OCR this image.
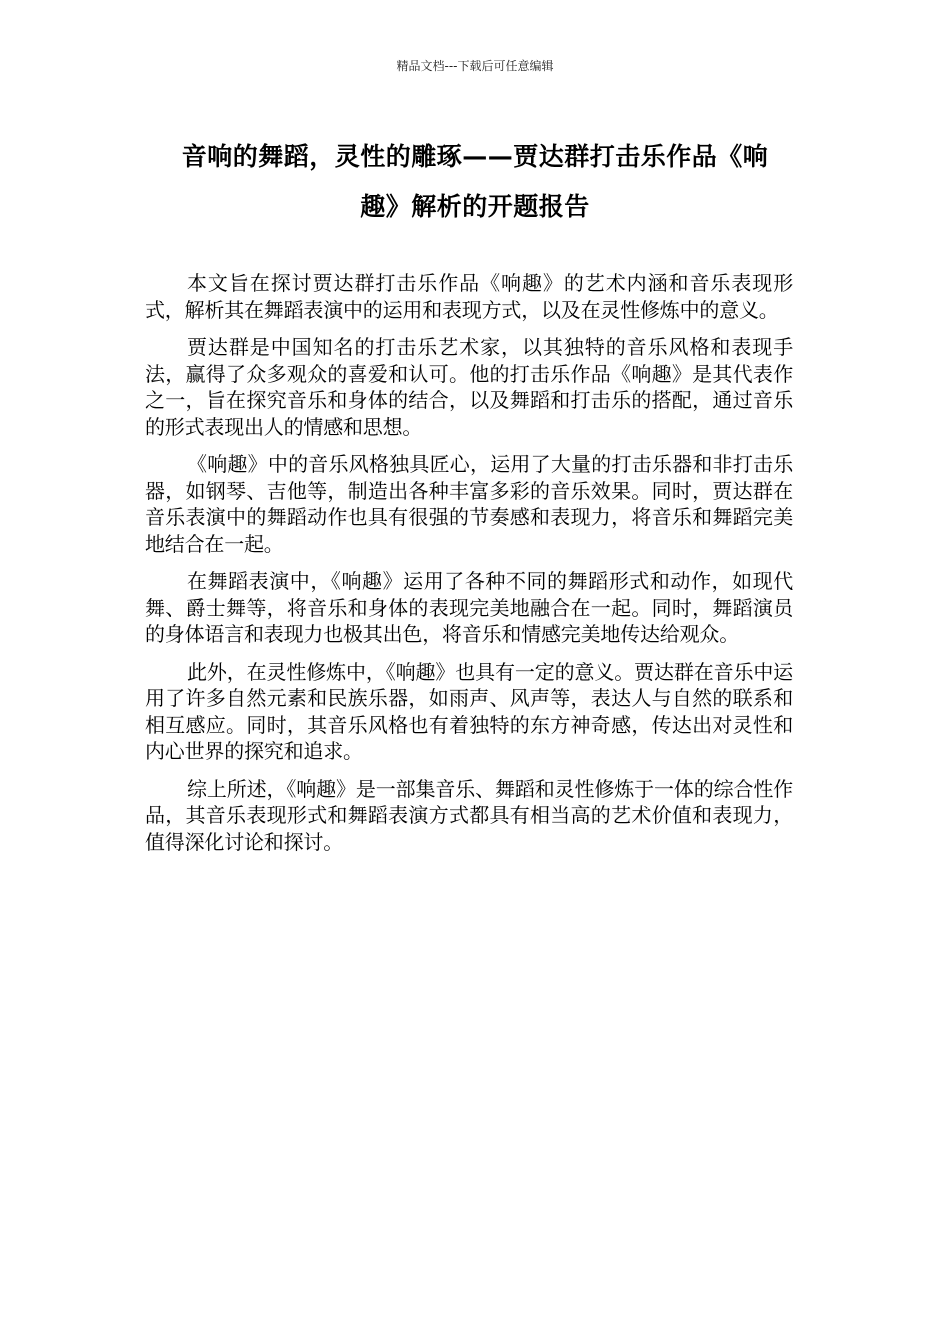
精品文档---下载后可任意编辑
音响的舞蹈，灵性的雕琢——贾达群打击乐作品《响
趣》解析的开题报告

本文旨在探讨贾达群打击乐作品《响趣》的艺术内涵和音乐表现形式，解析其在舞蹈表演中的运用和表现方式，以及在灵性修炼中的意义。

贾达群是中国知名的打击乐艺术家，以其独特的音乐风格和表现手法，赢得了众多观众的喜爱和认可。他的打击乐作品《响趣》是其代表作之一，旨在探究音乐和身体的结合，以及舞蹈和打击乐的搭配，通过音乐的形式表现出人的情感和思想。

《响趣》中的音乐风格独具匠心，运用了大量的打击乐器和非打击乐器，如钢琴、吉他等，制造出各种丰富多彩的音乐效果。同时，贾达群在音乐表演中的舞蹈动作也具有很强的节奏感和表现力，将音乐和舞蹈完美地结合在一起。

在舞蹈表演中，《响趣》运用了各种不同的舞蹈形式和动作，如现代舞、爵士舞等，将音乐和身体的表现完美地融合在一起。同时，舞蹈演员的身体语言和表现力也极其出色，将音乐和情感完美地传达给观众。

此外，在灵性修炼中，《响趣》也具有一定的意义。贾达群在音乐中运用了许多自然元素和民族乐器，如雨声、风声等，表达人与自然的联系和相互感应。同时，其音乐风格也有着独特的东方神奇感，传达出对灵性和内心世界的探究和追求。

综上所述，《响趣》是一部集音乐、舞蹈和灵性修炼于一体的综合性作品，其音乐表现形式和舞蹈表演方式都具有相当高的艺术价值和表现力，值得深化讨论和探讨。
